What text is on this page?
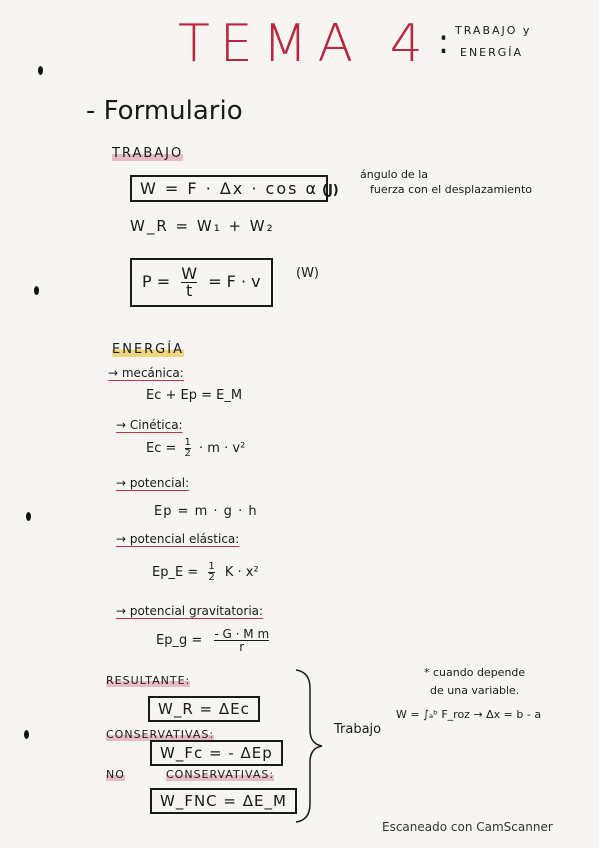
TEMA 4 : TRABAJO y
ENERGÍA
- Formulario
TRABAJO
W = F · Δx · cos α (J)
ángulo de la
fuerza con el desplazamiento
W_R = W₁ + W₂
$P = \frac{W}{t} = F \cdot v$	(W)
ENERGÍA
→ mecánica:
Ec + Ep = E_M
→ Cinética:
$Ec = \frac{1}{2} \cdot m \cdot v^2$
→ potencial:
Ep = m · g · h
→ potencial elástica:
Ep_E = $\frac{1}{2}$ K · x²
→ potencial gravitatoria:
Ep_g = $\frac{\text{- G · M m}}{r}$
RESULTANTE:
W_R = ΔEc
CONSERVATIVAS:
W_Fc = - ΔEp
NO	CONSERVATIVAS:
W_FNC = ΔE_M
Trabajo
* cuando depende
de una variable.
W = ∫ₐᵇ F_roz → Δx = b - a
Escaneado con CamScanner
